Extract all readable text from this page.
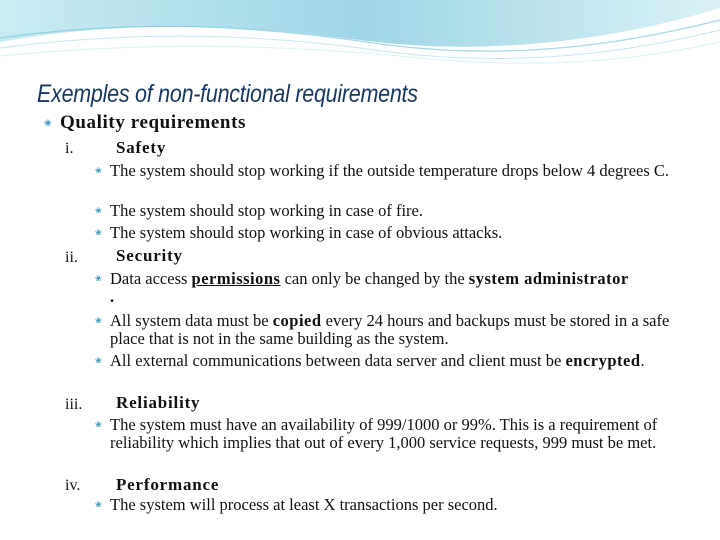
Exemples of non-functional requirements
❀ Quality requirements
i.	Safety
❀ The system should stop working if the outside temperature drops below 4 degrees C.
❀ The system should stop working in case of fire.
❀ The system should stop working in case of obvious attacks.
ii. Security
❀ Data access permissions can only be changed by the system administrator .
❀ All system data must be copied every 24 hours and backups must be stored in a safe place that is not in the same building as the system.
❀ All external communications between data server and client must be encrypted.
iii. Reliability
❀ The system must have an availability of 999/1000 or 99%. This is a requirement of reliability which implies that out of every 1,000 service requests, 999 must be met.
iv. Performance
❀ The system will process at least X transactions per second.
